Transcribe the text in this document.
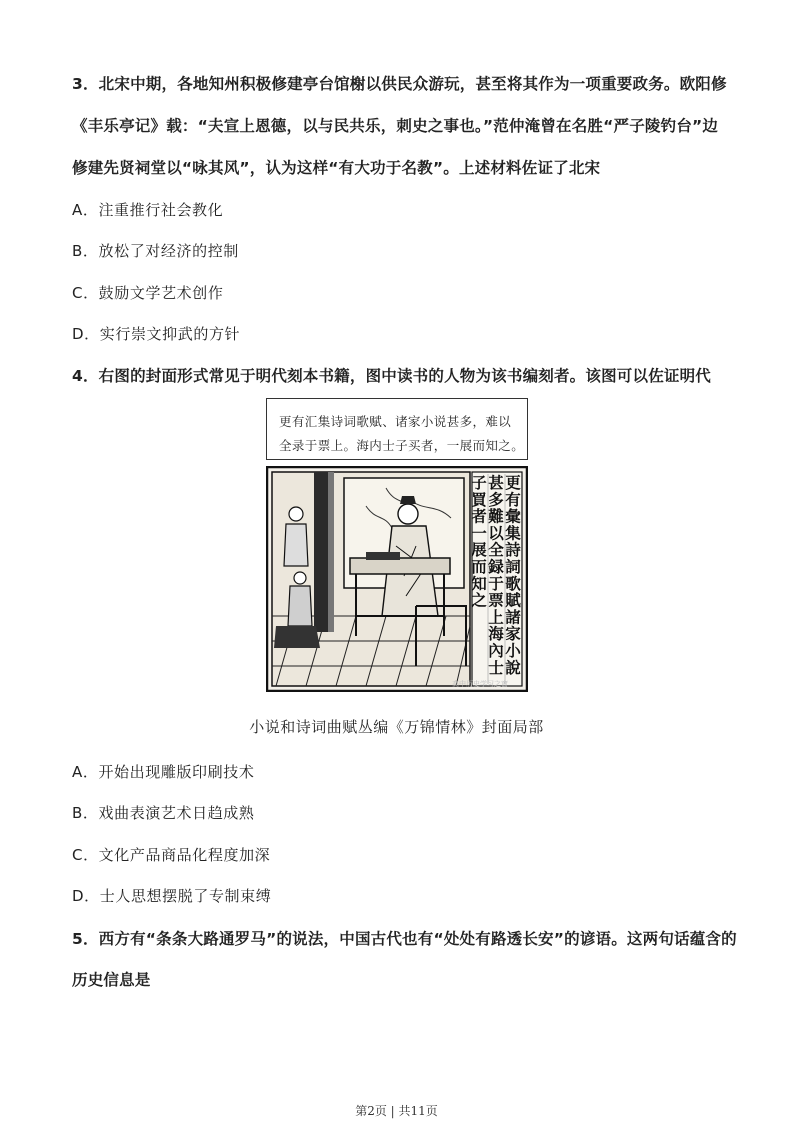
3．北宋中期，各地知州积极修建亭台馆榭以供民众游玩，甚至将其作为一项重要政务。欧阳修
《丰乐亭记》载：“夫宣上恩德，以与民共乐，刺史之事也。”范仲淹曾在名胜“严子陵钓台”边
修建先贤祠堂以“咏其风”，认为这样“有大功于名教”。上述材料佐证了北宋
A．注重推行社会教化
B．放松了对经济的控制
C．鼓励文学艺术创作
D．实行崇文抑武的方针
4．右图的封面形式常见于明代刻本书籍，图中读书的人物为该书编刻者。该图可以佐证明代
更有汇集诗词歌赋、诸家小说甚多，难以
全录于票上。海内士子买者，一展而知之。
更有彙集詩詞歌賦諸家小說
甚多難以全録于票上海內士
子買者一展而知之
高中历史学习之窗
小说和诗词曲赋丛编《万锦情林》封面局部
A．开始出现雕版印刷技术
B．戏曲表演艺术日趋成熟
C．文化产品商品化程度加深
D．士人思想摆脱了专制束缚
5．西方有“条条大路通罗马”的说法，中国古代也有“处处有路透长安”的谚语。这两句话蕴含的
历史信息是
第2页 | 共11页
